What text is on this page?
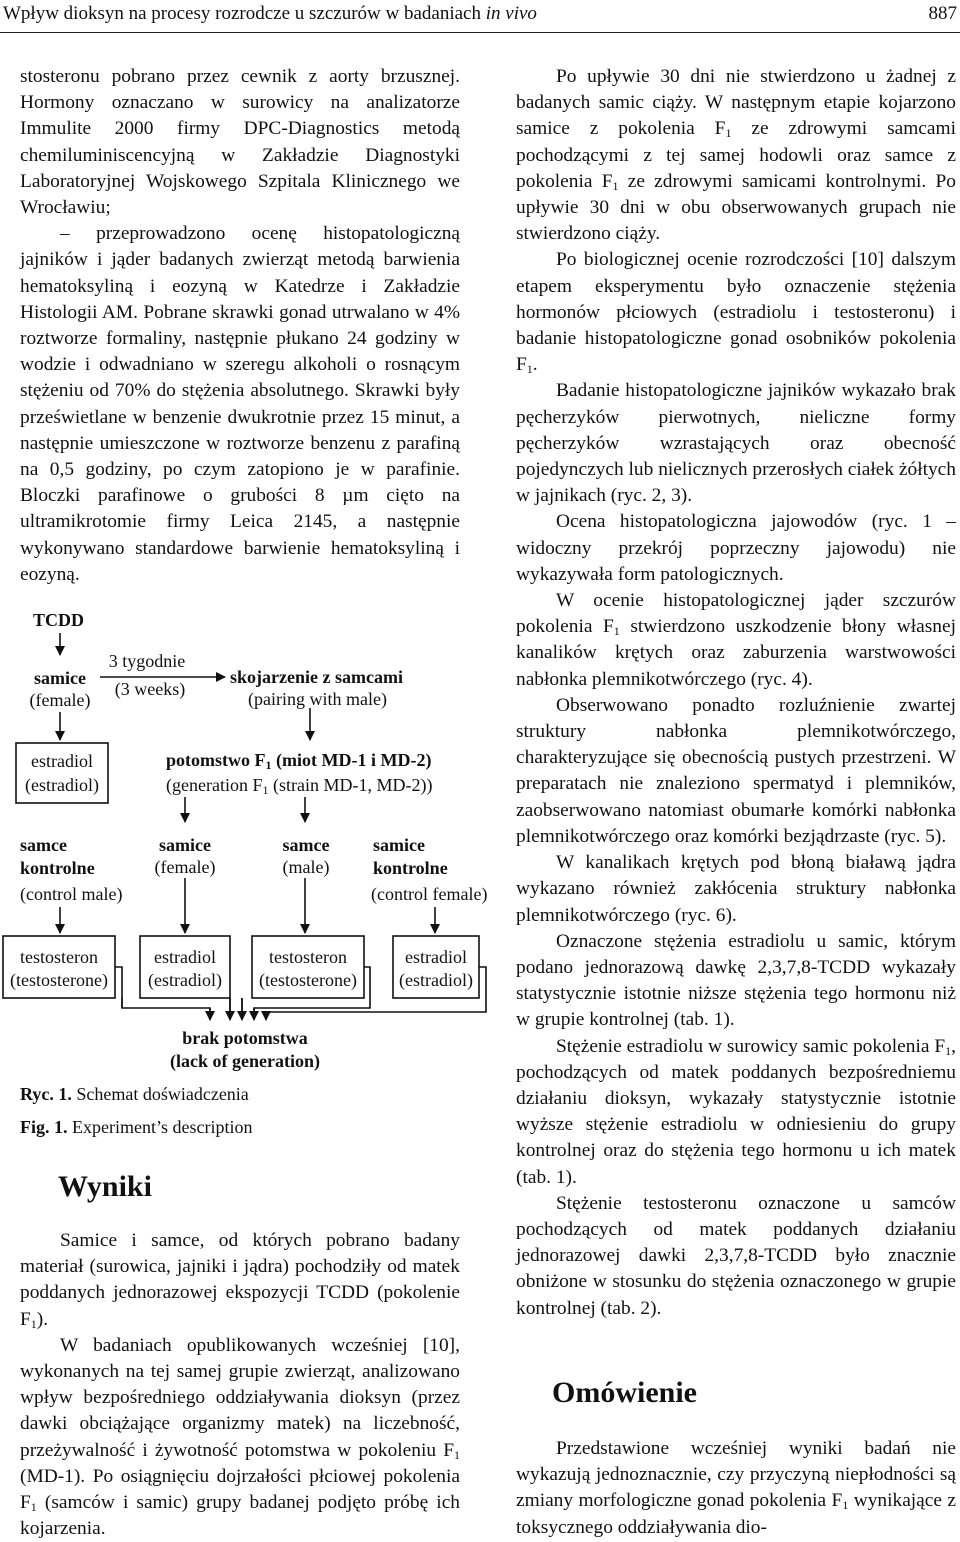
Wpływ dioksyn na procesy rozrodcze u szczurów w badaniach in vivo	887

stosteronu pobrano przez cewnik z aorty brzusznej. Hormony oznaczano w surowicy na analizatorze Immulite 2000 firmy DPC-Diagnostics metodą chemiluminiscencyjną w Zakładzie Diagnostyki Laboratoryjnej Wojskowego Szpitala Klinicznego we Wrocławiu;

– przeprowadzono ocenę histopatologiczną jajników i jąder badanych zwierząt metodą barwienia hematoksyliną i eozyną w Katedrze i Zakładzie Histologii AM. Pobrane skrawki gonad utrwalano w 4% roztworze formaliny, następnie płukano 24 godziny w wodzie i odwadniano w szeregu alkoholi o rosnącym stężeniu od 70% do stężenia absolutnego. Skrawki były prześwietlane w benzenie dwukrotnie przez 15 minut, a następnie umieszczone w roztworze benzenu z parafiną na 0,5 godziny, po czym zatopiono je w parafinie. Bloczki parafinowe o grubości 8 µm cięto na ultramikrotomie firmy Leica 2145, a następnie wykonywano standardowe barwienie hematoksyliną i eozyną.

TCDD
samice
(female)
3 tygodnie
(3 weeks)
skojarzenie z samcami
(pairing with male)
estradiol
(estradiol)
potomstwo $F_1$ (miot MD-1 i MD-2)
(generation $F_1$ (strain MD-1, MD-2))
samce
kontrolne
(control male)
samice
(female)
samce
(male)
samice
kontrolne
(control female)
testosteron
(testosterone)
estradiol
(estradiol)
testosteron
(testosterone)
estradiol
(estradiol)
brak potomstwa
(lack of generation)
Ryc. 1. Schemat doświadczenia
Fig. 1. Experiment’s description
Wyniki

Samice i samce, od których pobrano badany materiał (surowica, jajniki i jądra) pochodziły od matek poddanych jednorazowej ekspozycji TCDD (pokolenie $F_1$).

W badaniach opublikowanych wcześniej [10], wykonanych na tej samej grupie zwierząt, analizowano wpływ bezpośredniego oddziaływania dioksyn (przez dawki obciążające organizmy matek) na liczebność, przeżywalność i żywotność potomstwa w pokoleniu $F_1$ (MD-1). Po osiągnięciu dojrzałości płciowej pokolenia $F_1$ (samców i samic) grupy badanej podjęto próbę ich kojarzenia.

Po upływie 30 dni nie stwierdzono u żadnej z badanych samic ciąży. W następnym etapie kojarzono samice z pokolenia $F_1$ ze zdrowymi samcami pochodzącymi z tej samej hodowli oraz samce z pokolenia $F_1$ ze zdrowymi samicami kontrolnymi. Po upływie 30 dni w obu obserwowanych grupach nie stwierdzono ciąży.

Po biologicznej ocenie rozrodczości [10] dalszym etapem eksperymentu było oznaczenie stężenia hormonów płciowych (estradiolu i testosteronu) i badanie histopatologiczne gonad osobników pokolenia $F_1$.

Badanie histopatologiczne jajników wykazało brak pęcherzyków pierwotnych, nieliczne formy pęcherzyków wzrastających oraz obecność pojedynczych lub nielicznych przerosłych ciałek żółtych w jajnikach (ryc. 2, 3).

Ocena histopatologiczna jajowodów (ryc. 1 – widoczny przekrój poprzeczny jajowodu) nie wykazywała form patologicznych.

W ocenie histopatologicznej jąder szczurów pokolenia $F_1$ stwierdzono uszkodzenie błony własnej kanalików krętych oraz zaburzenia warstwowości nabłonka plemnikotwórczego (ryc. 4).

Obserwowano ponadto rozluźnienie zwartej struktury nabłonka plemnikotwórczego, charakteryzujące się obecnością pustych przestrzeni. W preparatach nie znaleziono spermatyd i plemników, zaobserwowano natomiast obumarłe komórki nabłonka plemnikotwórczego oraz komórki bezjądrzaste (ryc. 5).

W kanalikach krętych pod błoną białawą jądra wykazano również zakłócenia struktury nabłonka plemnikotwórczego (ryc. 6).

Oznaczone stężenia estradiolu u samic, którym podano jednorazową dawkę 2,3,7,8-TCDD wykazały statystycznie istotnie niższe stężenia tego hormonu niż w grupie kontrolnej (tab. 1).

Stężenie estradiolu w surowicy samic pokolenia $F_1$, pochodzących od matek poddanych bezpośredniemu działaniu dioksyn, wykazały statystycznie istotnie wyższe stężenie estradiolu w odniesieniu do grupy kontrolnej oraz do stężenia tego hormonu u ich matek (tab. 1).

Stężenie testosteronu oznaczone u samców pochodzących od matek poddanych działaniu jednorazowej dawki 2,3,7,8-TCDD było znacznie obniżone w stosunku do stężenia oznaczonego w grupie kontrolnej (tab. 2).

Omówienie

Przedstawione wcześniej wyniki badań nie wykazują jednoznacznie, czy przyczyną niepłodności są zmiany morfologiczne gonad pokolenia $F_1$ wynikające z toksycznego oddziaływania dio-
